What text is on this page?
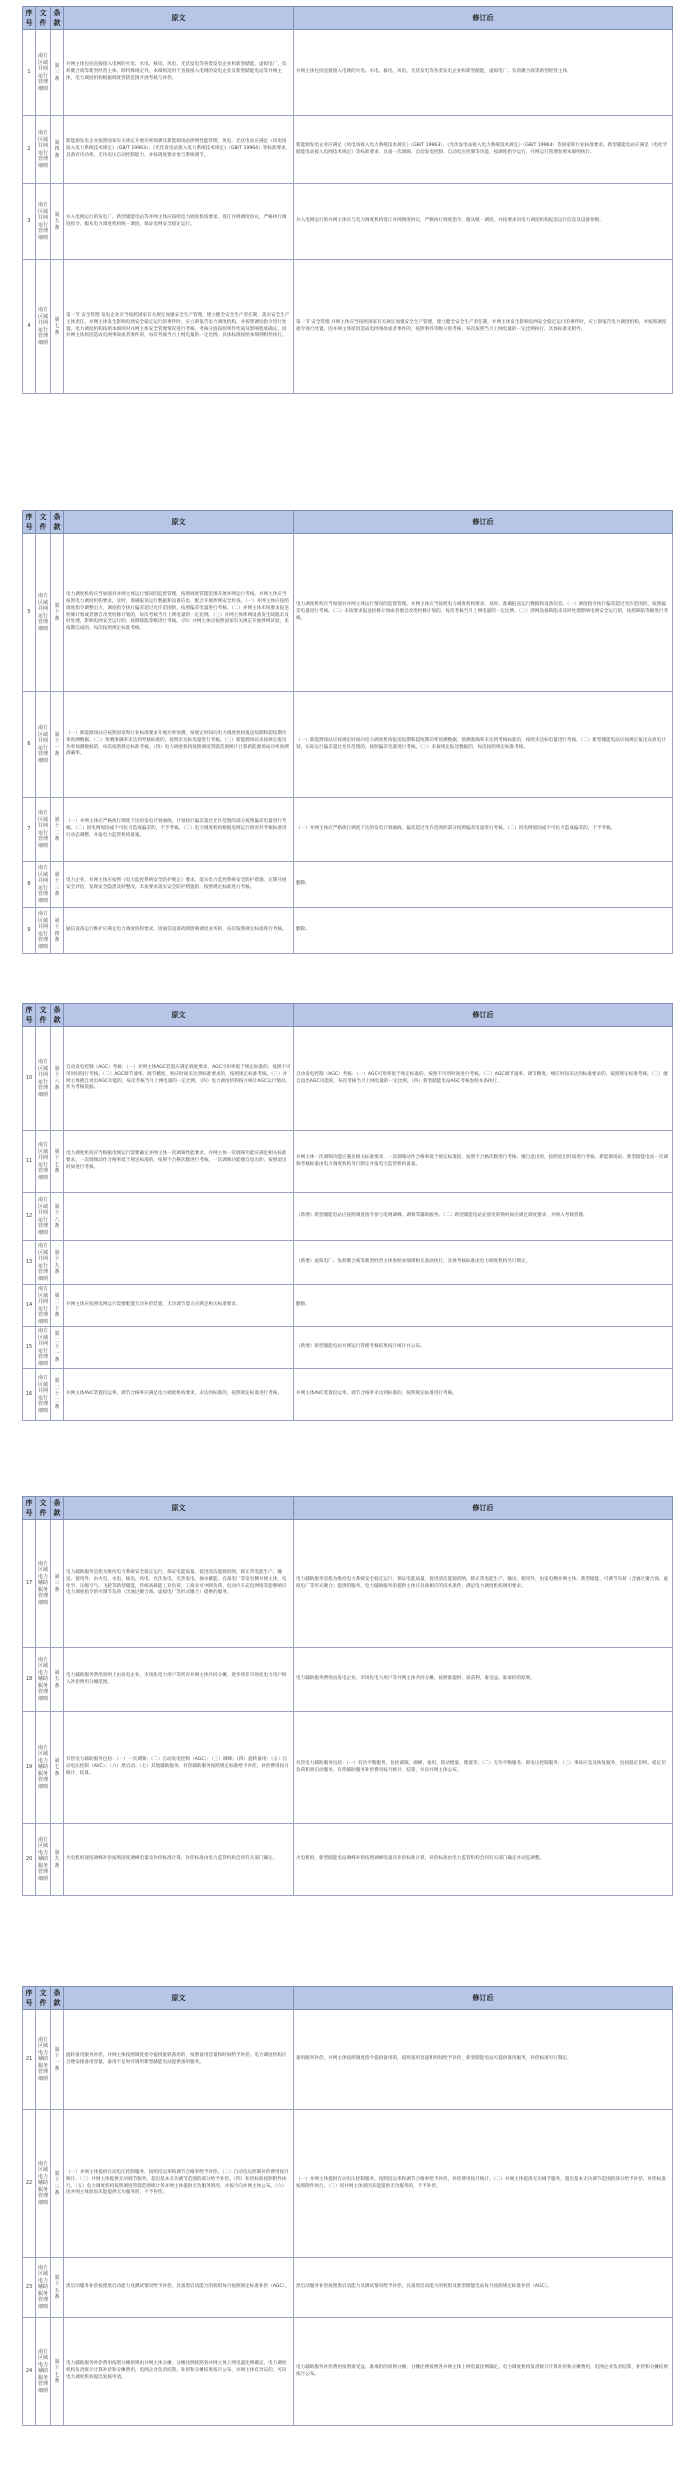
序号	文件	条款	原文	修订后
1	南方区域并网运行管理细则	第三条	并网主体包括直接接入电网的火电、水电、核电、风电、光伏发电等各类发电企业和新型储能、虚拟电厂、负荷聚合商等新型经营主体。除特殊规定外，本细则适用于直接接入电网的发电企业及新型储能电站等并网主体，电力调度机构根据调度管辖范围开展考核与补偿。	并网主体包括直接接入电网的火电、水电、核电、风电、光伏发电等各类发电企业和新型储能、虚拟电厂、负荷聚合商等新型经营主体。
2	南方区域并网运行管理细则	第四条	新能源发电企业按照国家有关规定开展功率预测及新能源场站涉网性能管理，风电、光伏电站应满足《风电场接入电力系统技术规定》（GB/T 19963）、《光伏发电站接入电力系统技术规定》（GB/T 19964）等标准要求，具备有功功率、无功电压自动控制能力，并按调度要求参与系统调节。	新能源发电企业应满足《风电场接入电力系统技术规定》（GB/T 19963）、《光伏发电站接入电力系统技术规定》（GB/T 19964）等国家和行业标准要求。新型储能电站应满足《电化学储能电站接入电网技术规定》等标准要求，具备一次调频、自动发电控制、自动电压控制等功能，按调度指令运行，并网运行管理参照本细则执行。
3	南方区域并网运行管理细则	第五条	并入电网运行的发电厂、新型储能电站等并网主体应按照电力调度机构要求，签订并网调度协议，严格执行调度指令，服从电力调度机构统一调度，保证电网安全稳定运行。	并入电网运行的并网主体应与电力调度机构签订并网调度协议，严格执行调度指令，服从统一调度，并按要求向电力调度机构报送运行信息及设备参数。
4	南方区域并网运行管理细则	第七条	第一节 安全管理 发电企业应当按照国家有关规定加强安全生产管理，建立健全安全生产责任制，落实安全生产主体责任。并网主体发生影响电网安全稳定运行的事件时，应立即报告电力调度机构，并按照调度指令进行处置。电力调度机构按照本细则对并网主体安全管理情况进行考核，考核分值按照事件性质及影响程度确定。因并网主体原因造成电网事故或者事件的，每次考核当月上网电量的一定比例，具体标准按照本细则附件执行。	第一节 安全管理 并网主体应当按照国家有关规定加强安全生产管理，建立健全安全生产责任制。并网主体发生影响电网安全稳定运行的事件时，应立即报告电力调度机构，并按照调度指令进行处置。因并网主体原因造成电网事故或者事件的，按照事件等级分别考核，每次按照当月上网电量的一定比例执行，具体标准见附件。
序号	文件	条款	原文	修订后
5	南方区域并网运行管理细则	第十条	电力调度机构应当加强对并网主体运行情况的监督管理，按照调度管辖范围开展并网运行考核。并网主体应当按照电力调度机构要求，及时、准确报送运行数据和设备信息，配合开展涉网安全检查。（一）并网主体应按照调度指令调整出力，调度指令执行偏差超过允许范围的，按照偏差电量进行考核。（二）并网主体未按要求报送检修计划或者擅自改变检修计划的，每次考核当月上网电量的一定比例。（三）并网主体涉网设备发生缺陷未及时处理，影响电网安全运行的，按照缺陷等级进行考核。（四）并网主体应按照国家有关规定开展涉网试验，未按期完成的，每次按照规定标准考核。	电力调度机构应当加强对并网主体运行情况的监督管理。并网主体应当按照电力调度机构要求，及时、准确报送运行数据和设备信息。（一）调度指令执行偏差超过允许范围的，按照偏差电量进行考核。（二）未按要求报送检修计划或者擅自改变检修计划的，每次考核当月上网电量的一定比例。（三）涉网设备缺陷未及时处理影响电网安全运行的，按照缺陷等级进行考核。
6	南方区域并网运行管理细则	第十一条	（一）新能源场站应按照国家和行业标准要求开展功率预测，按规定时间向电力调度机构报送短期和超短期功率预测数据。（二）预测准确率未达到考核标准的，按照未达标电量进行考核。（三）新能源场站未按规定报送功率预测数据的，每次按照规定标准考核。（四）电力调度机构按照调度管辖范围统计计算新能源场站功率预测准确率。	（一）新能源场站应按规定时间向电力调度机构报送短期和超短期功率预测数据，预测准确率未达到考核标准的，按照未达标电量进行考核。（二）新型储能电站应按规定报送充放电计划，实际运行偏差超过允许范围的，按照偏差电量进行考核。（三）未按规定报送数据的，每次按照规定标准考核。
7	南方区域并网运行管理细则	第十二条	（一）并网主体应严格执行调度下达的发电计划曲线，计划执行偏差超过允许范围的部分按照偏差电量进行考核。（二）因电网原因或不可抗力造成偏差的，不予考核。（三）电力调度机构根据电网运行情况对考核标准进行动态调整，并报电力监管机构备案。	（一）并网主体应严格执行调度下达的发电计划曲线，偏差超过允许范围的部分按照偏差电量进行考核。（二）因电网原因或不可抗力造成偏差的，不予考核。
8	南方区域并网运行管理细则	第十三条	电力企业、并网主体应按照《电力监控系统安全防护规定》要求，落实电力监控系统安全防护措施，定期开展安全评估，发现安全隐患及时整改。未按要求落实安全防护措施的，按照规定标准进行考核。	删除。
9	南方区域并网运行管理细则	第十四条	通信设备运行维护应满足电力调度机构要求，因通信设备故障影响调度业务的，每次按照规定标准进行考核。	删除。
序号	文件	条款	原文	修订后
10	南方区域并网运行管理细则	第十六条	自动发电控制（AGC）考核：（一）并网主体AGC装置应满足调度要求，AGC可用率低于规定标准的，按照不可用时间进行考核。（二）AGC调节速率、调节精度、响应时间未达到标准要求的，按照规定标准考核。（三）并网主体擅自退出AGC功能的，每次考核当月上网电量的一定比例。（四）电力调度机构按月统计AGC运行情况，作为考核依据。	自动发电控制（AGC）考核：（一）AGC可用率低于规定标准的，按照不可用时间进行考核。（二）AGC调节速率、调节精度、响应时间未达到标准要求的，按照规定标准考核。（三）擅自退出AGC功能的，每次考核当月上网电量的一定比例。（四）新型储能电站AGC考核参照本条执行。
11	南方区域并网运行管理细则	第十七条	电力调度机构应当根据电网运行需要确定并网主体一次调频性能要求。并网主体一次调频功能应满足相关标准要求，一次调频动作合格率低于规定标准的，按照不合格次数进行考核。一次调频功能擅自退出的，按照退出时间进行考核。	并网主体一次调频功能应满足相关标准要求，一次调频动作合格率低于规定标准的，按照不合格次数进行考核；擅自退出的，按照退出时间进行考核。新能源场站、新型储能电站一次调频考核标准由电力调度机构另行制定并报电力监管机构备案。
12	南方区域并网运行管理细则	第十八条		（新增）新型储能电站应按照调度指令参与电网调峰、调频等辅助服务。（二）新型储能电站充放电转换时间应满足调度要求，并纳入考核管理。
13	南方区域并网运行管理细则	第十九条		（新增）虚拟电厂、负荷聚合商等新型经营主体参照本细则相关条款执行，具体考核标准由电力调度机构另行制定。
14	南方区域并网运行管理细则	第二十条	并网主体应按照电网运行需要配置无功补偿装置，无功调节能力应满足相关标准要求。	删除。
15	南方区域并网运行管理细则	第二十一条		（新增）新型储能电站并网运行管理考核结果按月统计并公布。
16	南方区域并网运行管理细则	第二十二条	并网主体AVC装置投运率、调节合格率应满足电力调度机构要求，未达到标准的，按照规定标准进行考核。	并网主体AVC装置投运率、调节合格率未达到标准的，按照规定标准进行考核。
序号	文件	条款	原文	修订后
17	南方区域电力辅助服务管理细则	第三条	电力辅助服务是指为维持电力系统安全稳定运行，保证电能质量，促进清洁能源消纳，除正常电能生产、输送、使用外，由火电、水电、核电、风电、光伏发电、光热发电、抽水蓄能、自备电厂等发电侧并网主体，电化学、压缩空气、飞轮等新型储能，传统高载能工业负荷、工商业可中断负荷、电动汽车充电网络等能够响应电力调度指令的可调节负荷（含通过聚合商、虚拟电厂等形式聚合）提供的服务。	电力辅助服务是指为维持电力系统安全稳定运行，保证电能质量，促进清洁能源消纳，除正常电能生产、输送、使用外，由发电侧并网主体、新型储能、可调节负荷（含通过聚合商、虚拟电厂等形式聚合）提供的服务。电力辅助服务的提供主体应具备相应的技术条件，满足电力调度机构调用要求。
18	南方区域电力辅助服务管理细则	第五条	电力辅助服务费用原则上由发电企业、市场化电力用户等所有并网主体共同分摊，逐步将非市场化电力用户纳入补偿费用分摊范围。	电力辅助服务费用由发电企业、市场化电力用户等并网主体共同分摊，按照谁提供、谁获利，谁受益、谁承担的原则。
19	南方区域电力辅助服务管理细则	第七条	有偿电力辅助服务包括：（一）一次调频；（二）自动发电控制（AGC）；（三）调峰；（四）旋转备用；（五）自动电压控制（AVC）；（六）黑启动；（七）其他辅助服务。有偿辅助服务按照规定标准给予补偿，补偿费用按月统计、结算。	有偿电力辅助服务包括：（一）有功平衡服务，包括调频、调峰、备用、转动惯量、爬坡等；（二）无功平衡服务，即电压控制服务；（三）事故应急及恢复服务，包括稳定切机、稳定切负荷和黑启动服务。有偿辅助服务补偿费用按月统计、结算，并向并网主体公布。
20	南方区域电力辅助服务管理细则	第九条	火电机组深度调峰补偿按照深度调峰电量及补偿标准计算，补偿标准由电力监管机构会同有关部门确定。	火电机组、新型储能电站调峰补偿按照调峰电量及补偿标准计算，补偿标准由电力监管机构会同有关部门确定并动态调整。
序号	文件	条款	原文	修订后
21	南方区域电力辅助服务管理细则	第十一条	旋转备用服务补偿。并网主体按照调度指令提供旋转备用的，按照备用容量和时间给予补偿。电力调度机构应合理安排备用容量，备用不足时可调用新型储能电站提供备用服务。	备用服务补偿。并网主体按照调度指令提供备用的，按照备用容量和时间给予补偿，新型储能电站可提供备用服务，补偿标准另行制定。
22	南方区域电力辅助服务管理细则	第十三条	（一）并网主体提供自动电压控制服务，按照投运率和调节合格率给予补偿。（二）自动电压控制补偿费用按月统计。（三）并网主体提供无功调节服务，超出基本无功调节范围的部分给予补偿。（四）补偿标准按照附件执行。（五）电力调度机构按照调度管辖范围统计各并网主体提供无功服务情况，并按月向并网主体公布。（六）因并网主体原因未能提供无功服务的，不予补偿。	（一）并网主体提供自动电压控制服务，按照投运率和调节合格率给予补偿，补偿费用按月统计。（二）并网主体提供无功调节服务，超出基本无功调节范围的部分给予补偿，补偿标准按照附件执行。（三）因并网主体原因未能提供无功服务的，不予补偿。
23	南方区域电力辅助服务管理细则	第十五条	黑启动服务补偿按照黑启动能力及测试情况给予补偿，具备黑启动能力的机组每月按照规定标准补偿（AGC）。	黑启动服务补偿按照黑启动能力及测试情况给予补偿，具备黑启动能力的机组及新型储能电站每月按照规定标准补偿（AGC）。
24	南方区域电力辅助服务管理细则	第十七条	电力辅助服务补偿费用按照分摊原则由并网主体分摊，分摊比例按照各并网主体上网电量比例确定。电力调度机构负责统计计算补偿和分摊费用，电网企业负责结算。补偿和分摊结果按月公布，并网主体有异议的，可向电力调度机构提出复核申请。	电力辅助服务补偿费用按照谁受益、谁承担的原则分摊，分摊比例按照各并网主体上网电量比例确定。电力调度机构负责统计计算补偿和分摊费用，电网企业负责结算，补偿和分摊结果按月公布。
